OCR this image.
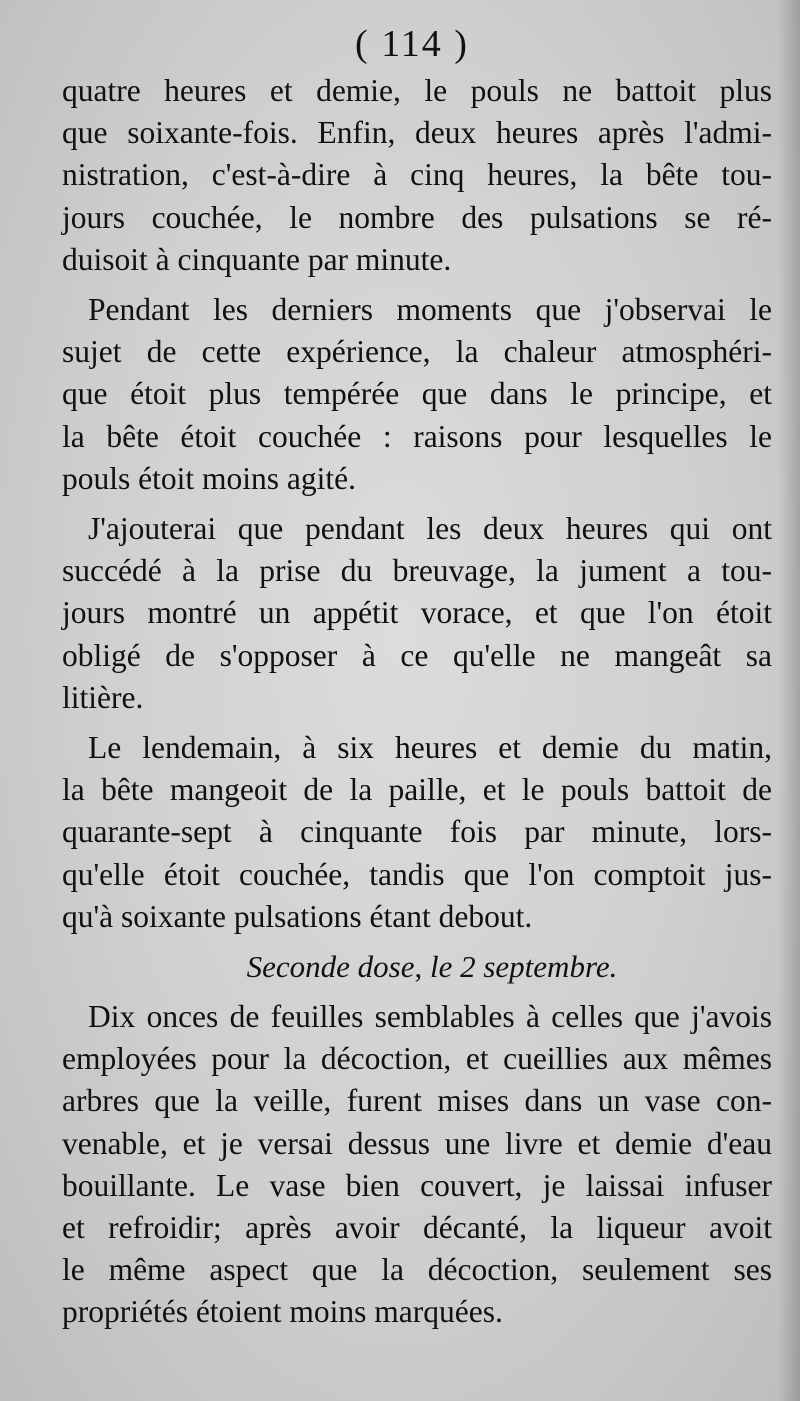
( 114 )

quatre heures et demie, le pouls ne battoit plus
que soixante-fois. Enfin, deux heures après l'admi-
nistration, c'est-à-dire à cinq heures, la bête tou-
jours couchée, le nombre des pulsations se ré-
duisoit à cinquante par minute.

Pendant les derniers moments que j'observai le
sujet de cette expérience, la chaleur atmosphéri-
que étoit plus tempérée que dans le principe, et
la bête étoit couchée : raisons pour lesquelles le
pouls étoit moins agité.

J'ajouterai que pendant les deux heures qui ont
succédé à la prise du breuvage, la jument a tou-
jours montré un appétit vorace, et que l'on étoit
obligé de s'opposer à ce qu'elle ne mangeât sa
litière.

Le lendemain, à six heures et demie du matin,
la bête mangeoit de la paille, et le pouls battoit de
quarante-sept à cinquante fois par minute, lors-
qu'elle étoit couchée, tandis que l'on comptoit jus-
qu'à soixante pulsations étant debout.

Seconde dose, le 2 septembre.

Dix onces de feuilles semblables à celles que j'avois
employées pour la décoction, et cueillies aux mêmes
arbres que la veille, furent mises dans un vase con-
venable, et je versai dessus une livre et demie d'eau
bouillante. Le vase bien couvert, je laissai infuser
et refroidir; après avoir décanté, la liqueur avoit
le même aspect que la décoction, seulement ses
propriétés étoient moins marquées.
